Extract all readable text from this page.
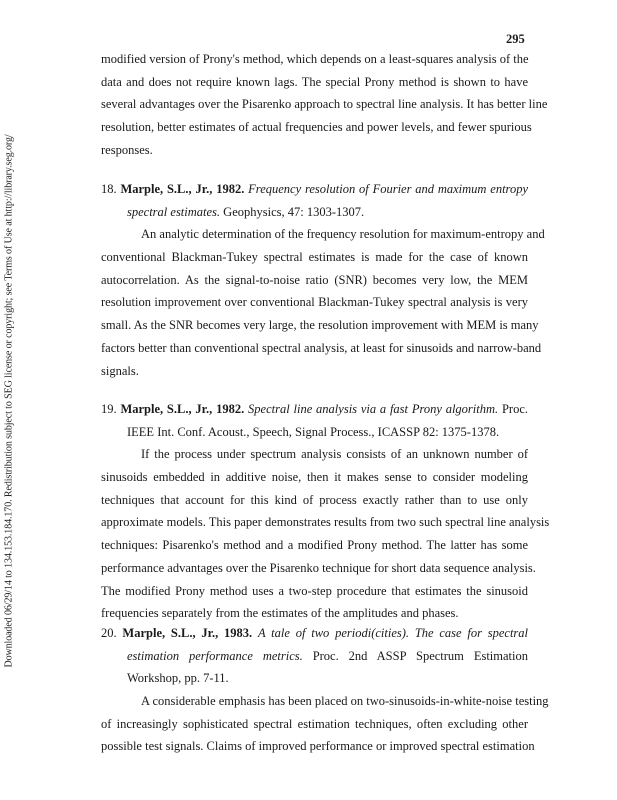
Downloaded 06/29/14 to 134.153.184.170. Redistribution subject to SEG license or copyright; see Terms of Use at http://library.seg.org/
295
modified version of Prony's method, which depends on a least-squares analysis of the
data and does not require known lags. The special Prony method is shown to have
several advantages over the Pisarenko approach to spectral line analysis. It has better line
resolution, better estimates of actual frequencies and power levels, and fewer spurious
responses.
18. Marple, S.L., Jr., 1982. Frequency resolution of Fourier and maximum entropy
spectral estimates. Geophysics, 47: 1303-1307.
An analytic determination of the frequency resolution for maximum-entropy and
conventional Blackman-Tukey spectral estimates is made for the case of known
autocorrelation. As the signal-to-noise ratio (SNR) becomes very low, the MEM
resolution improvement over conventional Blackman-Tukey spectral analysis is very
small. As the SNR becomes very large, the resolution improvement with MEM is many
factors better than conventional spectral analysis, at least for sinusoids and narrow-band
signals.
19. Marple, S.L., Jr., 1982. Spectral line analysis via a fast Prony algorithm. Proc.
IEEE Int. Conf. Acoust., Speech, Signal Process., ICASSP 82: 1375-1378.
If the process under spectrum analysis consists of an unknown number of
sinusoids embedded in additive noise, then it makes sense to consider modeling
techniques that account for this kind of process exactly rather than to use only
approximate models. This paper demonstrates results from two such spectral line analysis
techniques: Pisarenko's method and a modified Prony method. The latter has some
performance advantages over the Pisarenko technique for short data sequence analysis.
The modified Prony method uses a two-step procedure that estimates the sinusoid
frequencies separately from the estimates of the amplitudes and phases.
20. Marple, S.L., Jr., 1983. A tale of two periodi(cities). The case for spectral
estimation performance metrics. Proc. 2nd ASSP Spectrum Estimation
Workshop, pp. 7-11.
A considerable emphasis has been placed on two-sinusoids-in-white-noise testing
of increasingly sophisticated spectral estimation techniques, often excluding other
possible test signals. Claims of improved performance or improved spectral estimation
